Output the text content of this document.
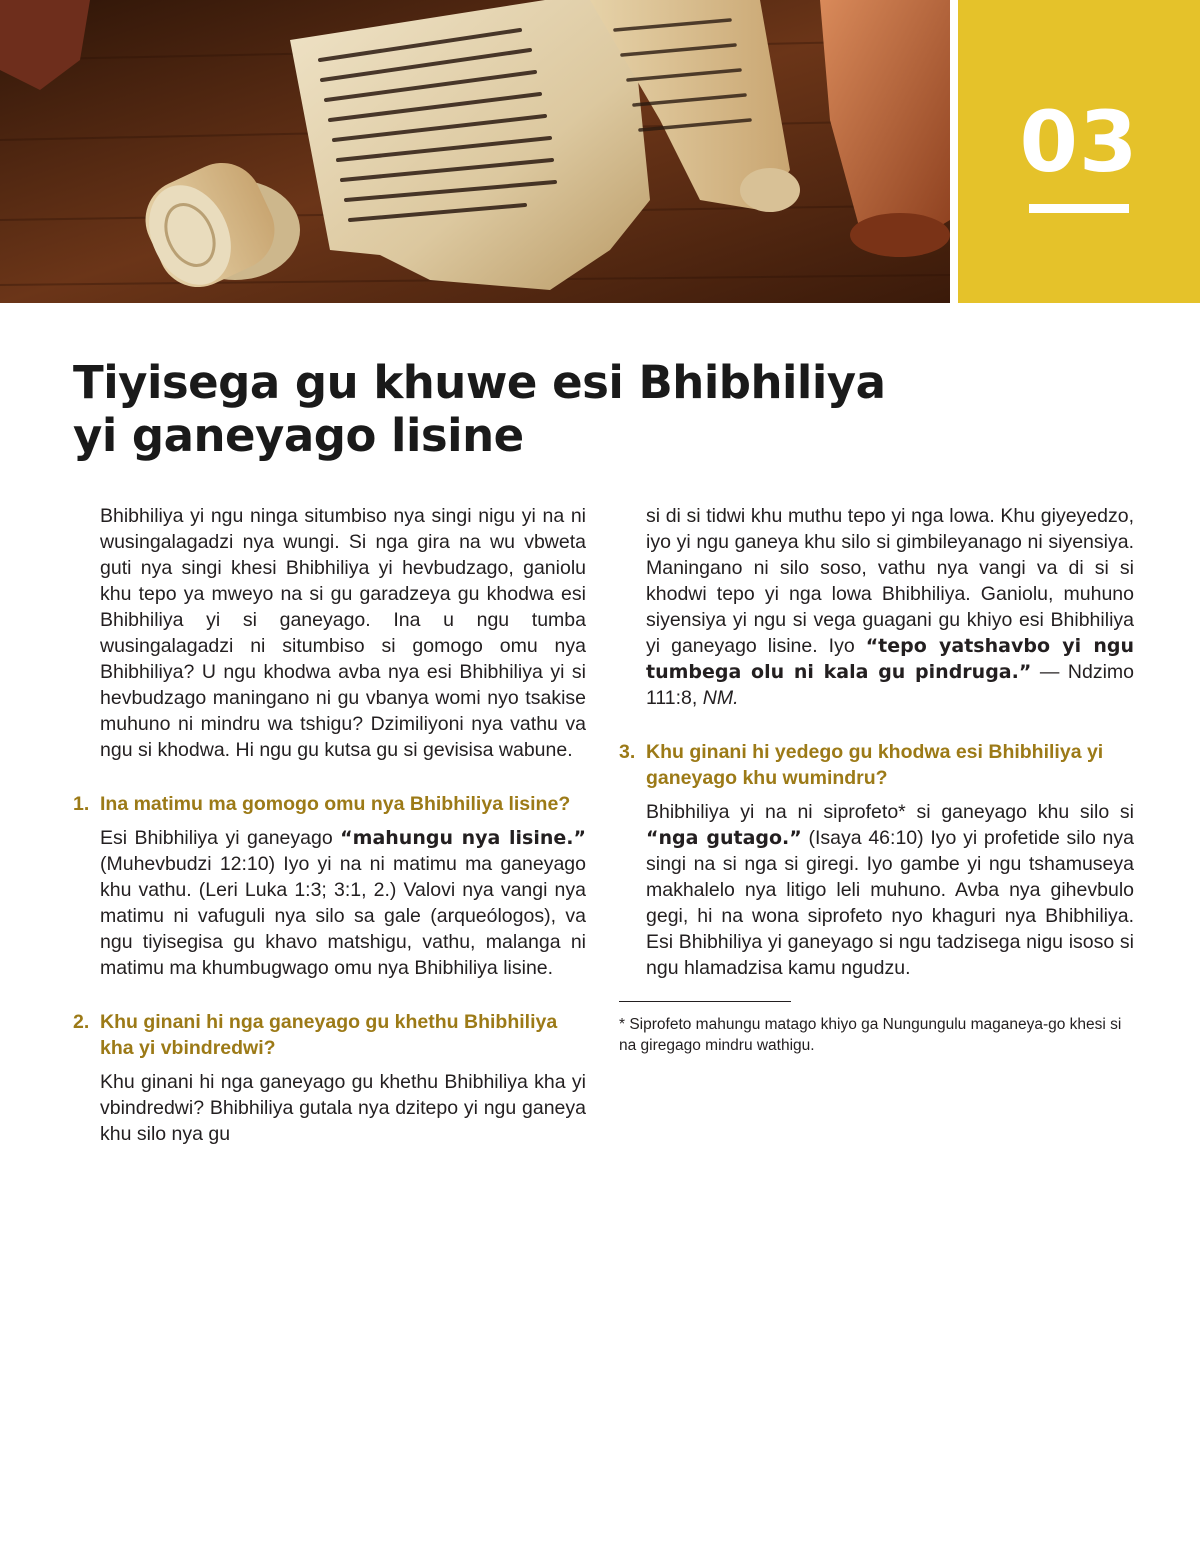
03
Tiyisega gu khuwe esi Bhibhiliya
yi ganeyago lisine

Bhibhiliya yi ngu ninga situmbiso nya singi nigu yi na ni wusingalagadzi nya wungi. Si nga gira na wu vbweta guti nya singi khesi Bhibhiliya yi hevbudzago, ganiolu khu tepo ya mweyo na si gu garadzeya gu khodwa esi Bhibhiliya yi si ganeyago. Ina u ngu tumba wusingalagadzi ni situmbiso si gomogo omu nya Bhibhiliya? U ngu khodwa avba nya esi Bhibhiliya yi si hevbudzago maningano ni gu vbanya womi nyo tsakise muhuno ni mindru wa tshigu? Dzimiliyoni nya vathu va ngu si khodwa. Hi ngu gu kutsa gu si gevisisa wabune.

1. Ina matimu ma gomogo omu nya Bhibhiliya lisine?

Esi Bhibhiliya yi ganeyago “mahungu nya lisine.” (Muhevbudzi 12:10) Iyo yi na ni matimu ma ganeyago khu vathu. (Leri Luka 1:3; 3:1, 2.) Valovi nya vangi nya matimu ni vafuguli nya silo sa gale (arqueólogos), va ngu tiyisegisa gu khavo matshigu, vathu, malanga ni matimu ma khumbugwago omu nya Bhibhiliya lisine.

2. Khu ginani hi nga ganeyago gu khethu Bhibhiliya kha yi vbindredwi?

Khu ginani hi nga ganeyago gu khethu Bhibhiliya kha yi vbindredwi? Bhibhiliya gutala nya dzitepo yi ngu ganeya khu silo nya gu

si di si tidwi khu muthu tepo yi nga lowa. Khu giyeyedzo, iyo yi ngu ganeya khu silo si gimbileyanago ni siyensiya. Maningano ni silo soso, vathu nya vangi va di si si khodwi tepo yi nga lowa Bhibhiliya. Ganiolu, muhuno siyensiya yi ngu si vega guagani gu khiyo esi Bhibhiliya yi ganeyago lisine. Iyo “tepo yatshavbo yi ngu tumbega olu ni kala gu pindruga.” — Ndzimo 111:8, NM.

3. Khu ginani hi yedego gu khodwa esi Bhibhiliya yi ganeyago khu wumindru?

Bhibhiliya yi na ni siprofeto* si ganeyago khu silo si “nga gutago.” (Isaya 46:10) Iyo yi profetide silo nya singi na si nga si giregi. Iyo gambe yi ngu tshamuseya makhalelo nya litigo leli muhuno. Avba nya gihevbulo gegi, hi na wona siprofeto nyo khaguri nya Bhibhiliya. Esi Bhibhiliya yi ganeyago si ngu tadzisega nigu isoso si ngu hlamadzisa kamu ngudzu.

* Siprofeto mahungu matago khiyo ga Nungungulu maganeya-go khesi si na giregago mindru wathigu.
